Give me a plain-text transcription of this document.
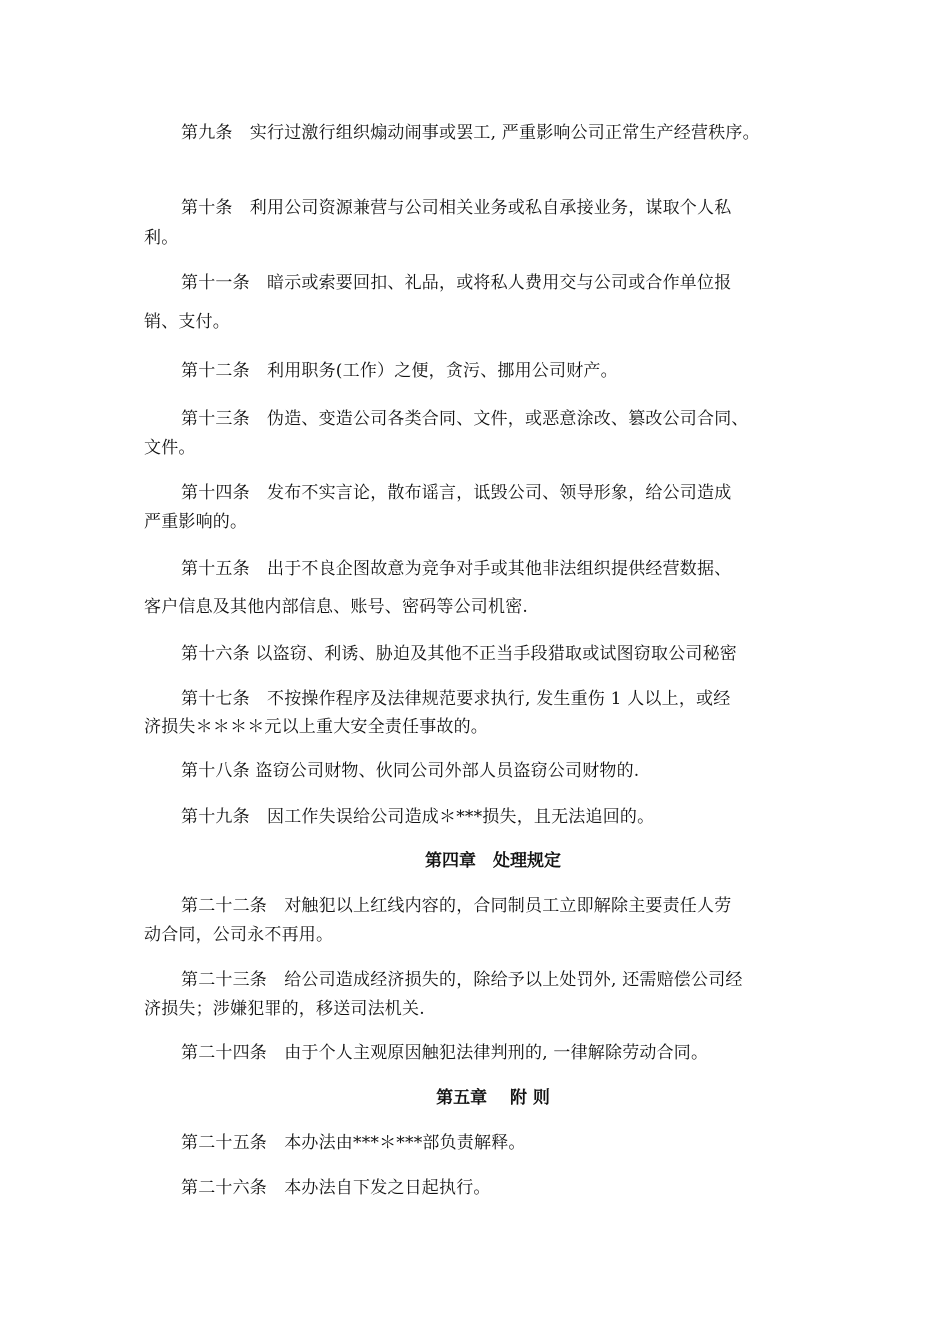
第九条　实行过激行组织煽动闹事或罢工, 严重影响公司正常生产经营秩序。
第十条　利用公司资源兼营与公司相关业务或私自承接业务，谋取个人私
利。
第十一条　暗示或索要回扣、礼品，或将私人费用交与公司或合作单位报
销、支付。
第十二条　利用职务(工作）之便，贪污、挪用公司财产。
第十三条　伪造、变造公司各类合同、文件，或恶意涂改、篡改公司合同、
文件。
第十四条　发布不实言论，散布谣言，诋毁公司、领导形象，给公司造成
严重影响的。
第十五条　出于不良企图故意为竞争对手或其他非法组织提供经营数据、
客户信息及其他内部信息、账号、密码等公司机密.
第十六条 以盗窃、利诱、胁迫及其他不正当手段猎取或试图窃取公司秘密
第十七条　不按操作程序及法律规范要求执行, 发生重伤 1 人以上，或经
济损失＊＊＊＊元以上重大安全责任事故的。
第十八条 盗窃公司财物、伙同公司外部人员盗窃公司财物的.
第十九条　因工作失误给公司造成＊***损失，且无法追回的。
第四章　处理规定
第二十二条　对触犯以上红线内容的，合同制员工立即解除主要责任人劳
动合同，公司永不再用。
第二十三条　给公司造成经济损失的，除给予以上处罚外, 还需赔偿公司经
济损失；涉嫌犯罪的，移送司法机关.
第二十四条　由于个人主观原因触犯法律判刑的, 一律解除劳动合同。
第五章　 附 则
第二十五条　本办法由***＊***部负责解释。
第二十六条　本办法自下发之日起执行。
